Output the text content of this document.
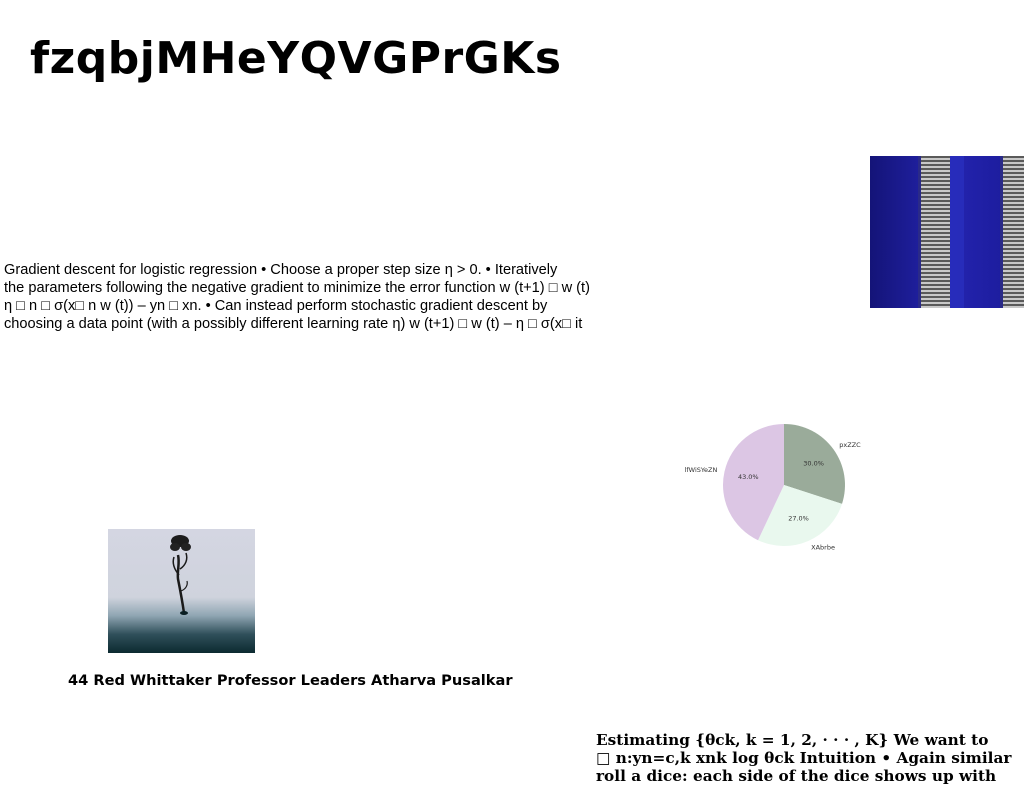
fzqbjMHeYQVGPrGKs

Gradient descent for logistic regression • Choose a proper step size η > 0. • Iteratively
the parameters following the negative gradient to minimize the error function w (t+1) □ w (t)
η □ n □ σ(x□ n w (t)) – yn □ xn. • Can instead perform stochastic gradient descent by
choosing a data point (with a possibly different learning rate η) w (t+1) □ w (t) – η □ σ(x□ it

30.0%
pxZZC
27.0%
XAbrbe
43.0%
lfWiSYeZN

44 Red Whittaker Professor Leaders Atharva Pusalkar

Estimating {θck, k = 1, 2, · · · , K} We want to
□ n:yn=c,k xnk log θck Intuition • Again similar
roll a dice: each side of the dice shows up with
